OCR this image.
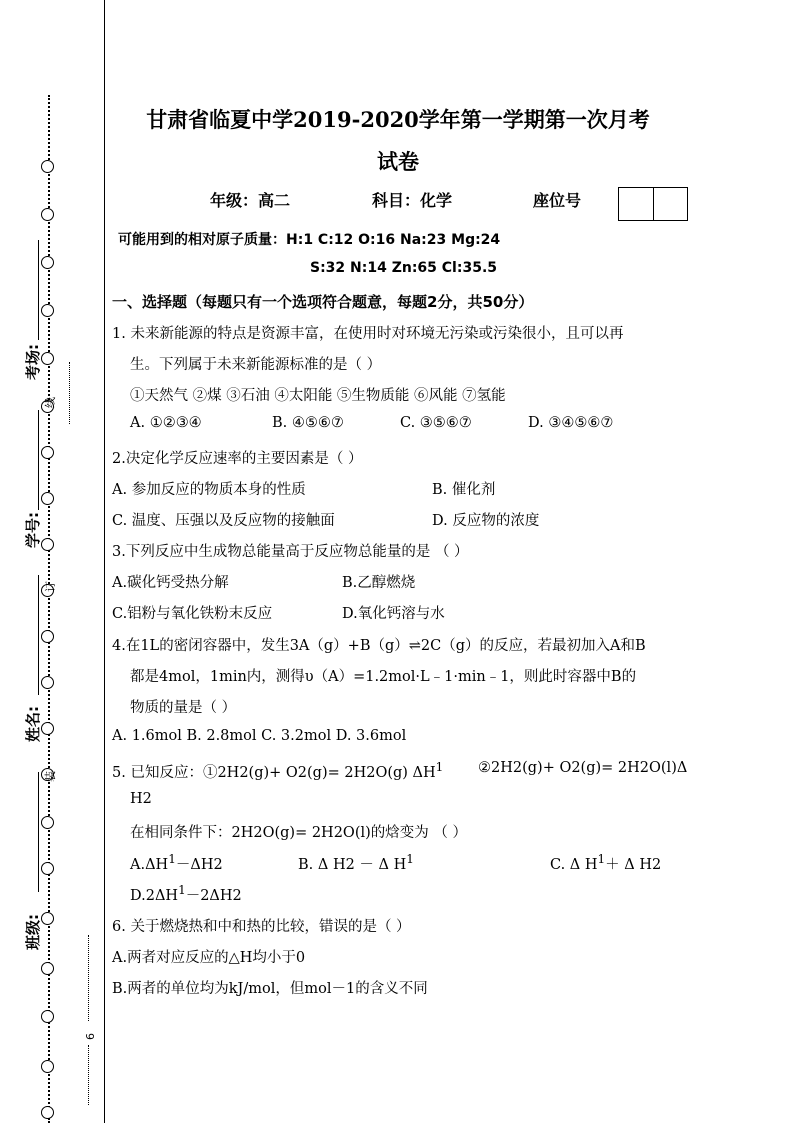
考场:
学号:
姓名:
班级:
线
订
装
6
甘肃省临夏中学2019-2020学年第一学期第一次月考
试卷
年级：高二	科目：化学	座位号
可能用到的相对原子质量：H:1 C:12 O:16 Na:23 Mg:24
S:32 N:14 Zn:65 Cl:35.5
一、选择题（每题只有一个选项符合题意，每题2分，共50分）
1. 未来新能源的特点是资源丰富，在使用时对环境无污染或污染很小，且可以再
生。下列属于未来新能源标准的是（ ）
①天然气 ②煤 ③石油 ④太阳能 ⑤生物质能 ⑥风能 ⑦氢能
A. ①②③④	B. ④⑤⑥⑦	C. ③⑤⑥⑦	D. ③④⑤⑥⑦
2.决定化学反应速率的主要因素是（ ）
A. 参加反应的物质本身的性质	B. 催化剂
C. 温度、压强以及反应物的接触面	D. 反应物的浓度
3.下列反应中生成物总能量高于反应物总能量的是 （ ）
A.碳化钙受热分解	B.乙醇燃烧
C.铝粉与氧化铁粉末反应	D.氧化钙溶与水
4.在1L的密闭容器中，发生3A（g）+B（g）⇌2C（g）的反应，若最初加入A和B
都是4mol，1min内，测得υ（A）=1.2mol·L﹣1·min﹣1，则此时容器中B的
物质的量是（ ）
A. 1.6mol B. 2.8mol C. 3.2mol D. 3.6mol
5. 已知反应：①2H2(g)+ O2(g)= 2H2O(g) $\Delta H^1$ ②2H2(g)+ O2(g)= 2H2O(l)Δ
H2
在相同条件下：2H2O(g)= 2H2O(l)的焓变为 （ ）
$A.\Delta H^1-\Delta H2$	B. Δ H2 － Δ $H^1$	C. Δ $H^1+ \Delta$ H2
$D.2\Delta H^1-2\Delta H2$
6. 关于燃烧热和中和热的比较，错误的是（ ）
A.两者对应反应的△H均小于0
B.两者的单位均为kJ/mol，但mol－1的含义不同
